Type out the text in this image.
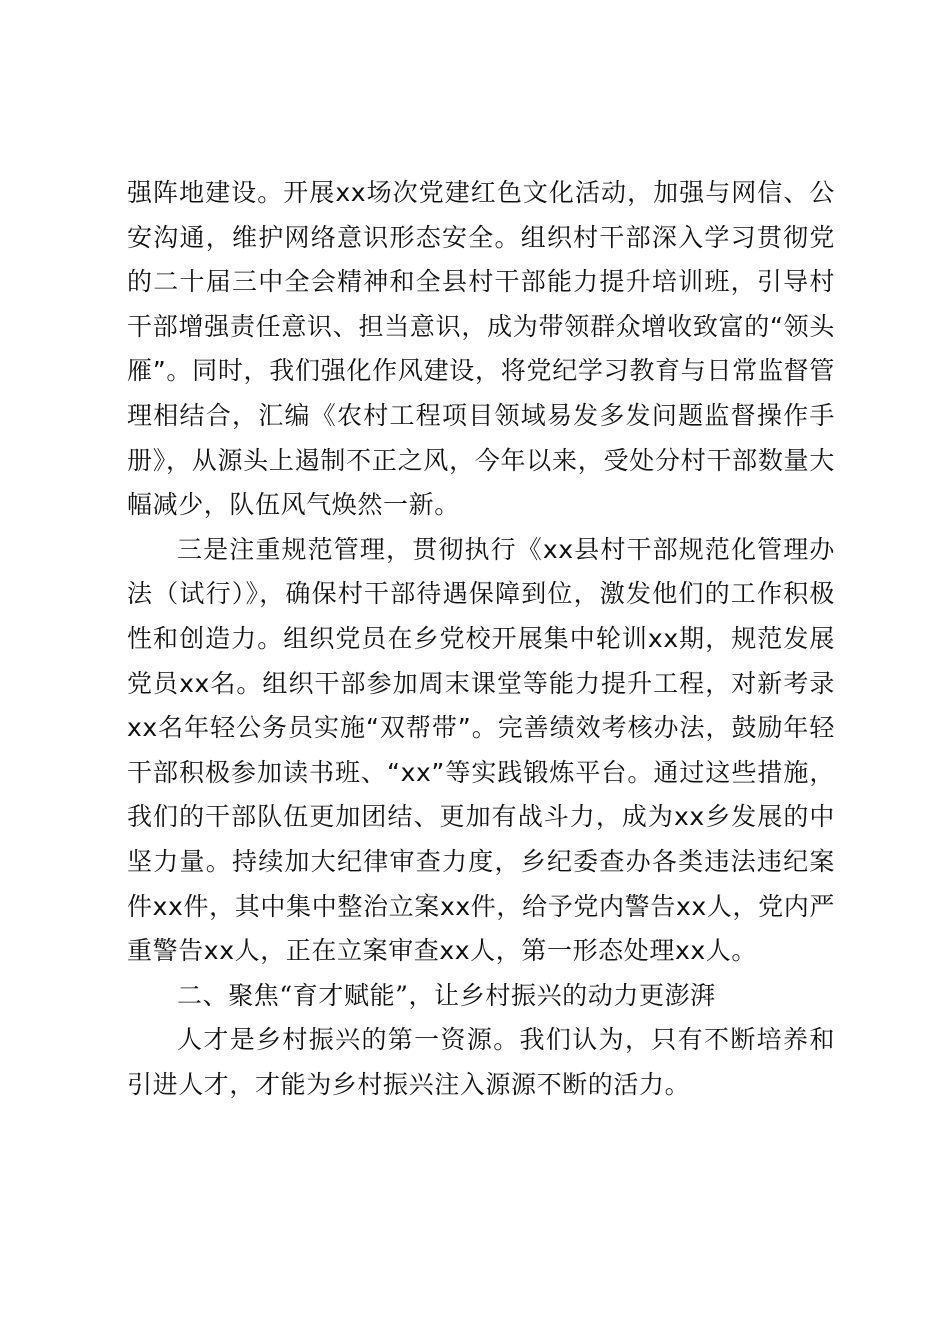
强阵地建设。开展xx场次党建红色文化活动，加强与网信、公安沟通，维护网络意识形态安全。组织村干部深入学习贯彻党的二十届三中全会精神和全县村干部能力提升培训班，引导村干部增强责任意识、担当意识，成为带领群众增收致富的“领头雁”。同时，我们强化作风建设，将党纪学习教育与日常监督管理相结合，汇编《农村工程项目领域易发多发问题监督操作手册》，从源头上遏制不正之风，今年以来，受处分村干部数量大幅减少，队伍风气焕然一新。

三是注重规范管理，贯彻执行《xx县村干部规范化管理办法（试行）》，确保村干部待遇保障到位，激发他们的工作积极性和创造力。组织党员在乡党校开展集中轮训xx期，规范发展党员xx名。组织干部参加周末课堂等能力提升工程，对新考录xx名年轻公务员实施“双帮带”。完善绩效考核办法，鼓励年轻干部积极参加读书班、“xx”等实践锻炼平台。通过这些措施，我们的干部队伍更加团结、更加有战斗力，成为xx乡发展的中坚力量。持续加大纪律审查力度，乡纪委查办各类违法违纪案件xx件，其中集中整治立案xx件，给予党内警告xx人，党内严重警告xx人，正在立案审查xx人，第一形态处理xx人。

二、聚焦“育才赋能”，让乡村振兴的动力更澎湃

人才是乡村振兴的第一资源。我们认为，只有不断培养和引进人才，才能为乡村振兴注入源源不断的活力。
